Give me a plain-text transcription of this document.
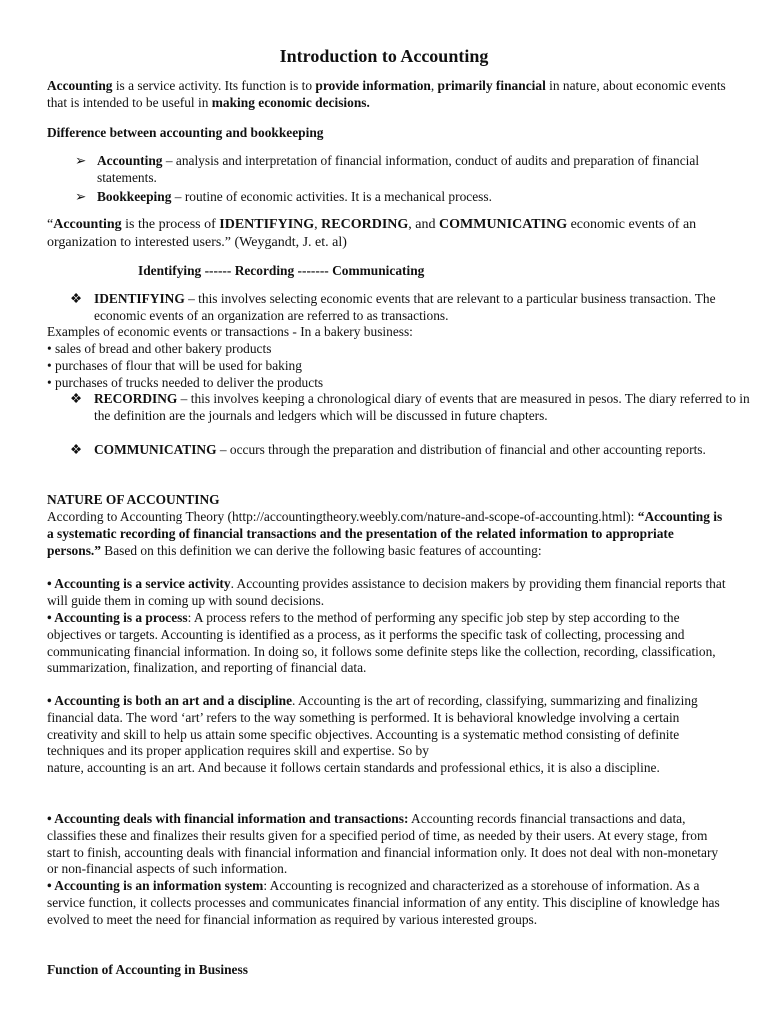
Introduction to Accounting

Accounting is a service activity. Its function is to provide information, primarily financial in nature, about economic events that is intended to be useful in making economic decisions.

Difference between accounting and bookkeeping
➢ Accounting – analysis and interpretation of financial information, conduct of audits and preparation of financial statements.
➢ Bookkeeping – routine of economic activities. It is a mechanical process.

“Accounting is the process of IDENTIFYING, RECORDING, and COMMUNICATING economic events of an organization to interested users.” (Weygandt, J. et. al)

Identifying ------ Recording ------- Communicating
❖ IDENTIFYING – this involves selecting economic events that are relevant to a particular business transaction. The economic events of an organization are referred to as transactions.
Examples of economic events or transactions - In a bakery business:
• sales of bread and other bakery products
• purchases of flour that will be used for baking
• purchases of trucks needed to deliver the products
❖ RECORDING – this involves keeping a chronological diary of events that are measured in pesos. The diary referred to in the definition are the journals and ledgers which will be discussed in future chapters.
❖ COMMUNICATING – occurs through the preparation and distribution of financial and other accounting reports.
NATURE OF ACCOUNTING

According to Accounting Theory (http://accountingtheory.weebly.com/nature-and-scope-of-accounting.html): “Accounting is a systematic recording of financial transactions and the presentation of the related information to appropriate persons.” Based on this definition we can derive the following basic features of accounting:

• Accounting is a service activity. Accounting provides assistance to decision makers by providing them financial reports that will guide them in coming up with sound decisions.

• Accounting is a process: A process refers to the method of performing any specific job step by step according to the objectives or targets. Accounting is identified as a process, as it performs the specific task of collecting, processing and communicating financial information. In doing so, it follows some definite steps like the collection, recording, classification, summarization, finalization, and reporting of financial data.

• Accounting is both an art and a discipline. Accounting is the art of recording, classifying, summarizing and finalizing financial data. The word ‘art’ refers to the way something is performed. It is behavioral knowledge involving a certain creativity and skill to help us attain some specific objectives. Accounting is a systematic method consisting of definite techniques and its proper application requires skill and expertise. So by
nature, accounting is an art. And because it follows certain standards and professional ethics, it is also a discipline.

• Accounting deals with financial information and transactions: Accounting records financial transactions and data, classifies these and finalizes their results given for a specified period of time, as needed by their users. At every stage, from start to finish, accounting deals with financial information and financial information only. It does not deal with non-monetary or non-financial aspects of such information.

• Accounting is an information system: Accounting is recognized and characterized as a storehouse of information. As a service function, it collects processes and communicates financial information of any entity. This discipline of knowledge has evolved to meet the need for financial information as required by various interested groups.

Function of Accounting in Business
